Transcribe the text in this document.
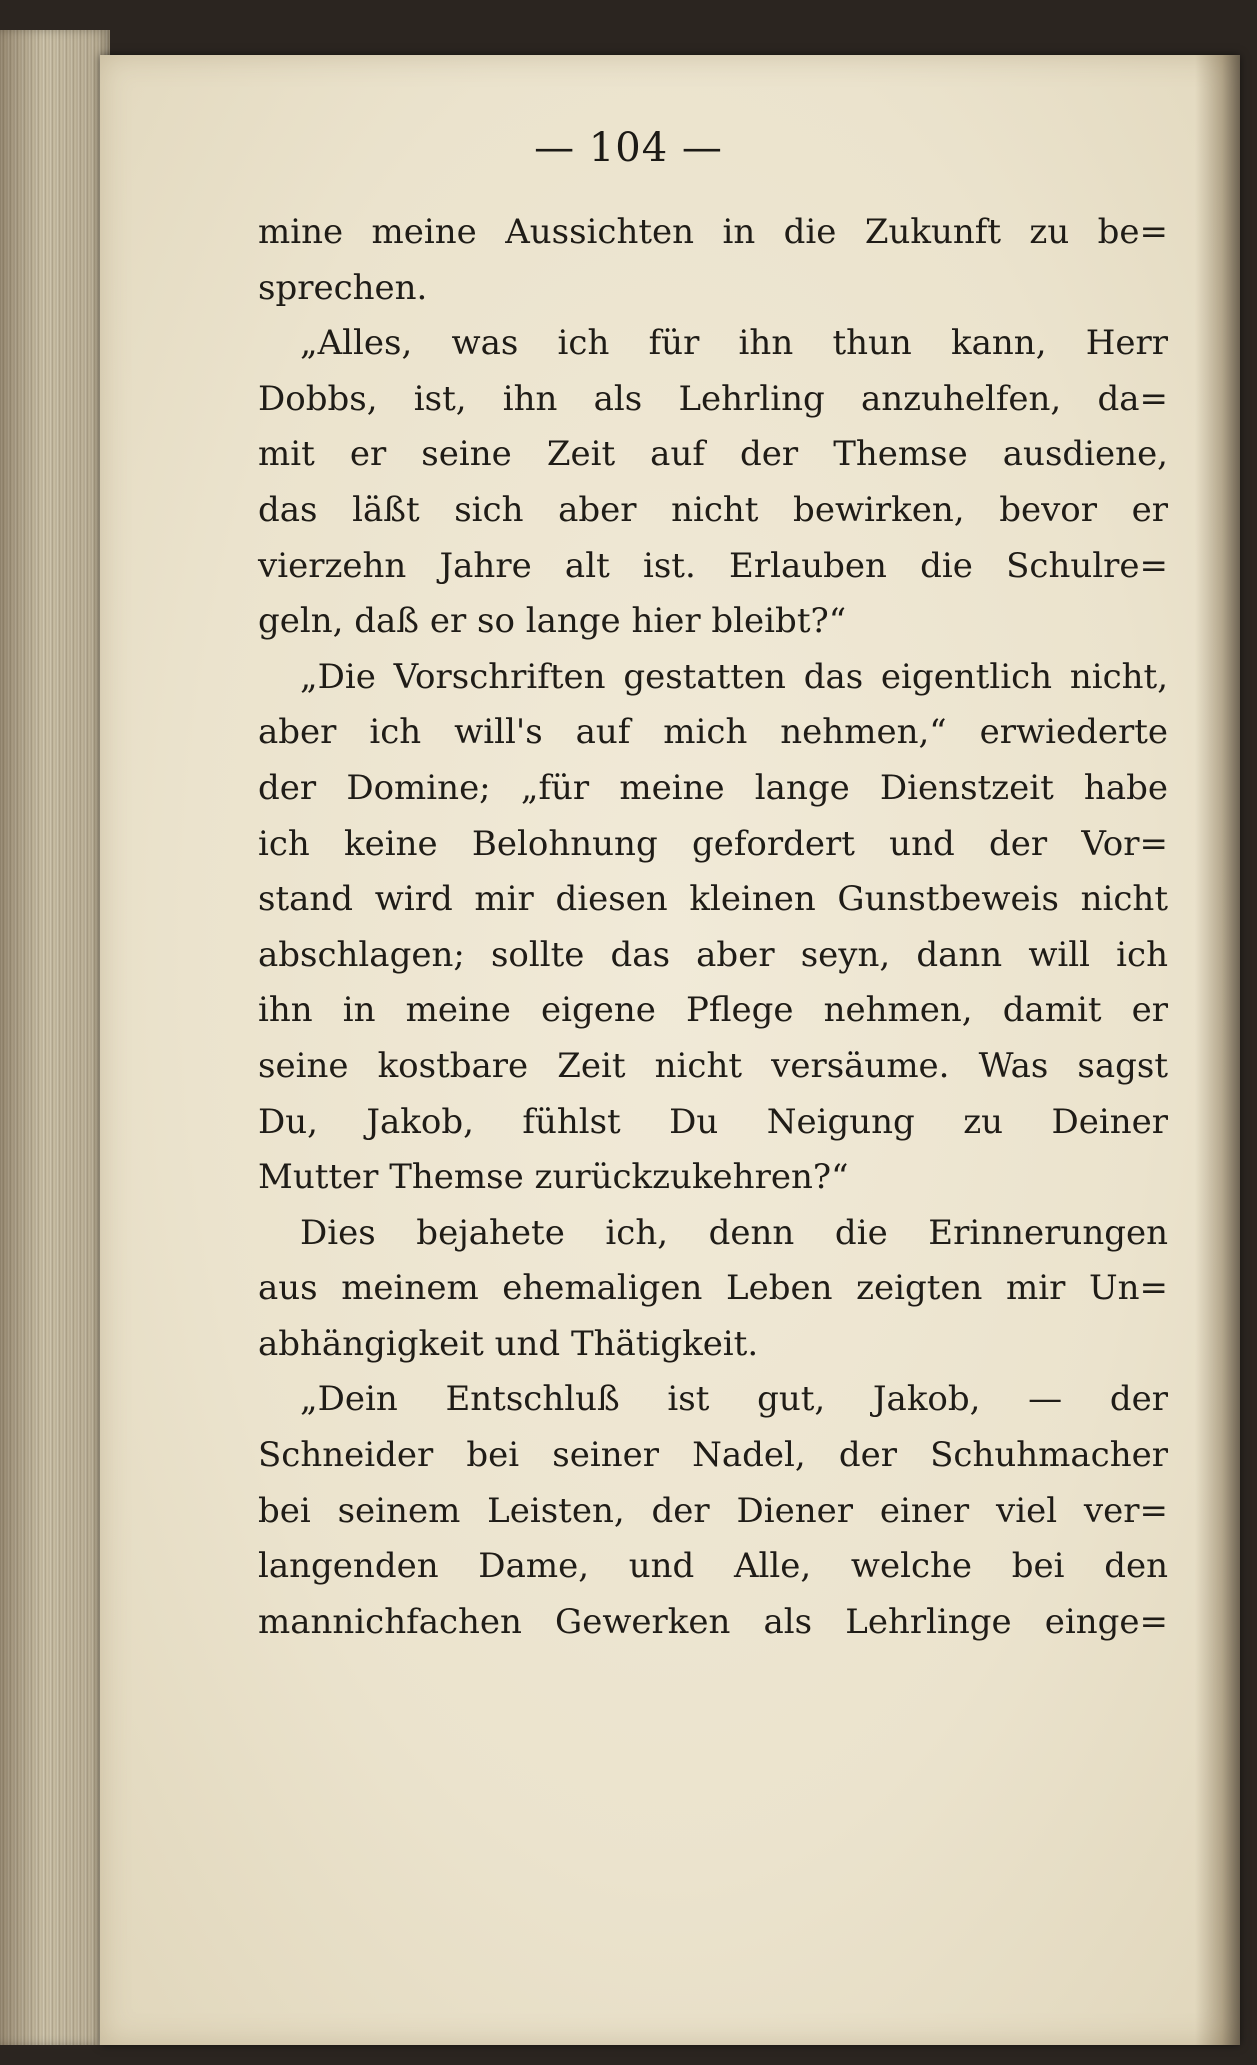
— 104 —
mine meine Aussichten in die Zukunft zu be=
sprechen.
„Alles, was ich für ihn thun kann, Herr
Dobbs, ist, ihn als Lehrling anzuhelfen, da=
mit er seine Zeit auf der Themse ausdiene,
das läßt sich aber nicht bewirken, bevor er
vierzehn Jahre alt ist. Erlauben die Schulre=
geln, daß er so lange hier bleibt?“
„Die Vorschriften gestatten das eigentlich nicht,
aber ich will's auf mich nehmen,“ erwiederte
der Domine; „für meine lange Dienstzeit habe
ich keine Belohnung gefordert und der Vor=
stand wird mir diesen kleinen Gunstbeweis nicht
abschlagen; sollte das aber seyn, dann will ich
ihn in meine eigene Pflege nehmen, damit er
seine kostbare Zeit nicht versäume. Was sagst
Du, Jakob, fühlst Du Neigung zu Deiner
Mutter Themse zurückzukehren?“
Dies bejahete ich, denn die Erinnerungen
aus meinem ehemaligen Leben zeigten mir Un=
abhängigkeit und Thätigkeit.
„Dein Entschluß ist gut, Jakob, — der
Schneider bei seiner Nadel, der Schuhmacher
bei seinem Leisten, der Diener einer viel ver=
langenden Dame, und Alle, welche bei den
mannichfachen Gewerken als Lehrlinge einge=
